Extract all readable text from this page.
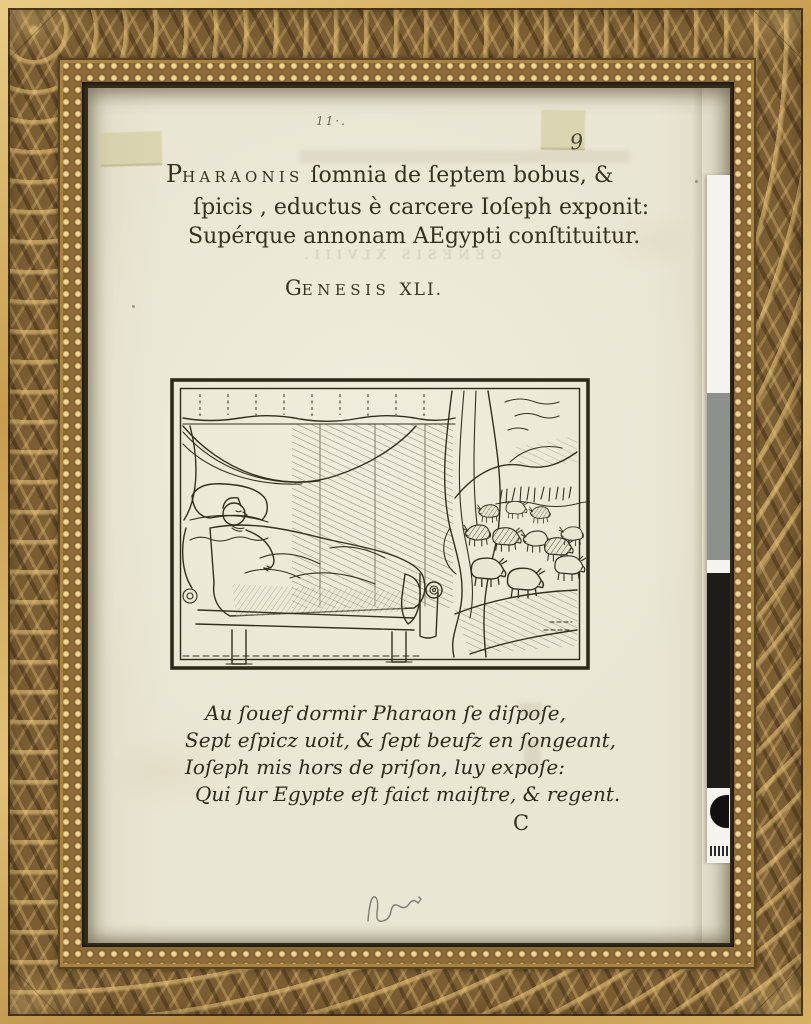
11·.
9
PHARAONIS ſomnia de ſeptem bobus, &
ſpicis , eductus è carcere Ioſeph exponit:
Supérque annonam AEgypti conſtituitur.
GENESIS XLVIII.
GENESIS XLI.
Au ſouef dormir Pharaon ſe diſpoſe,
Sept eſpicz uoit, & ſept beufz en ſongeant,
Ioſeph mis hors de priſon, luy expoſe:
Qui ſur Egypte eſt faict maiſtre, & regent.
C
